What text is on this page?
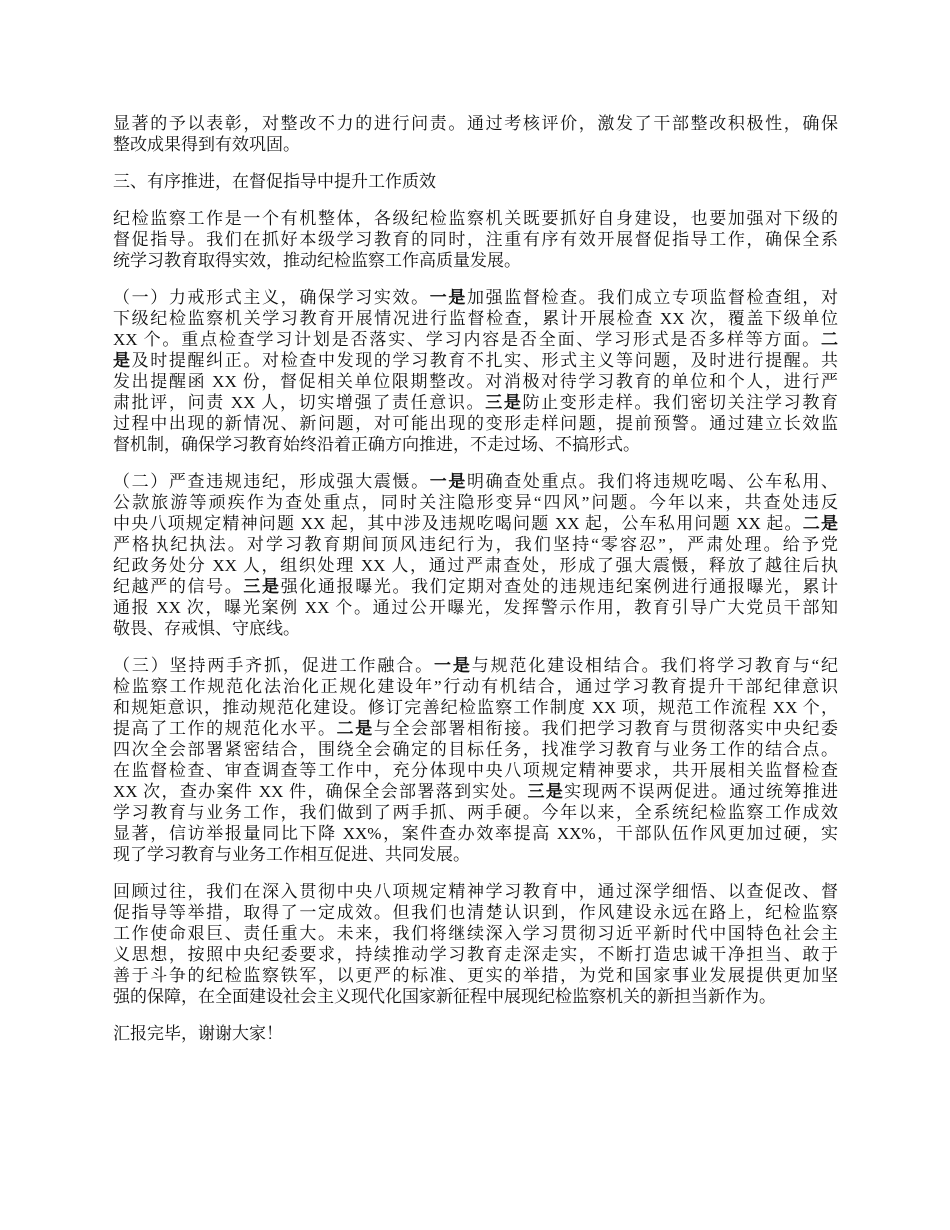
显著的予以表彰，对整改不力的进行问责。通过考核评价，激发了干部整改积极性，确保
整改成果得到有效巩固。
三、有序推进，在督促指导中提升工作质效
纪检监察工作是一个有机整体，各级纪检监察机关既要抓好自身建设，也要加强对下级的
督促指导。我们在抓好本级学习教育的同时，注重有序有效开展督促指导工作，确保全系
统学习教育取得实效，推动纪检监察工作高质量发展。
（一）力戒形式主义，确保学习实效。一是加强监督检查。我们成立专项监督检查组，对
下级纪检监察机关学习教育开展情况进行监督检查，累计开展检查 XX 次，覆盖下级单位
XX 个。重点检查学习计划是否落实、学习内容是否全面、学习形式是否多样等方面。二
是及时提醒纠正。对检查中发现的学习教育不扎实、形式主义等问题，及时进行提醒。共
发出提醒函 XX 份，督促相关单位限期整改。对消极对待学习教育的单位和个人，进行严
肃批评，问责 XX 人，切实增强了责任意识。三是防止变形走样。我们密切关注学习教育
过程中出现的新情况、新问题，对可能出现的变形走样问题，提前预警。通过建立长效监
督机制，确保学习教育始终沿着正确方向推进，不走过场、不搞形式。
（二）严查违规违纪，形成强大震慑。一是明确查处重点。我们将违规吃喝、公车私用、
公款旅游等顽疾作为查处重点，同时关注隐形变异“四风”问题。今年以来，共查处违反
中央八项规定精神问题 XX 起，其中涉及违规吃喝问题 XX 起，公车私用问题 XX 起。二是
严格执纪执法。对学习教育期间顶风违纪行为，我们坚持“零容忍”，严肃处理。给予党
纪政务处分 XX 人，组织处理 XX 人，通过严肃查处，形成了强大震慑，释放了越往后执
纪越严的信号。三是强化通报曝光。我们定期对查处的违规违纪案例进行通报曝光，累计
通报 XX 次，曝光案例 XX 个。通过公开曝光，发挥警示作用，教育引导广大党员干部知
敬畏、存戒惧、守底线。
（三）坚持两手齐抓，促进工作融合。一是与规范化建设相结合。我们将学习教育与“纪
检监察工作规范化法治化正规化建设年”行动有机结合，通过学习教育提升干部纪律意识
和规矩意识，推动规范化建设。修订完善纪检监察工作制度 XX 项，规范工作流程 XX 个，
提高了工作的规范化水平。二是与全会部署相衔接。我们把学习教育与贯彻落实中央纪委
四次全会部署紧密结合，围绕全会确定的目标任务，找准学习教育与业务工作的结合点。
在监督检查、审查调查等工作中，充分体现中央八项规定精神要求，共开展相关监督检查
XX 次，查办案件 XX 件，确保全会部署落到实处。三是实现两不误两促进。通过统筹推进
学习教育与业务工作，我们做到了两手抓、两手硬。今年以来，全系统纪检监察工作成效
显著，信访举报量同比下降 XX%，案件查办效率提高 XX%，干部队伍作风更加过硬，实
现了学习教育与业务工作相互促进、共同发展。
回顾过往，我们在深入贯彻中央八项规定精神学习教育中，通过深学细悟、以查促改、督
促指导等举措，取得了一定成效。但我们也清楚认识到，作风建设永远在路上，纪检监察
工作使命艰巨、责任重大。未来，我们将继续深入学习贯彻习近平新时代中国特色社会主
义思想，按照中央纪委要求，持续推动学习教育走深走实，不断打造忠诚干净担当、敢于
善于斗争的纪检监察铁军，以更严的标准、更实的举措，为党和国家事业发展提供更加坚
强的保障，在全面建设社会主义现代化国家新征程中展现纪检监察机关的新担当新作为。
汇报完毕，谢谢大家！
